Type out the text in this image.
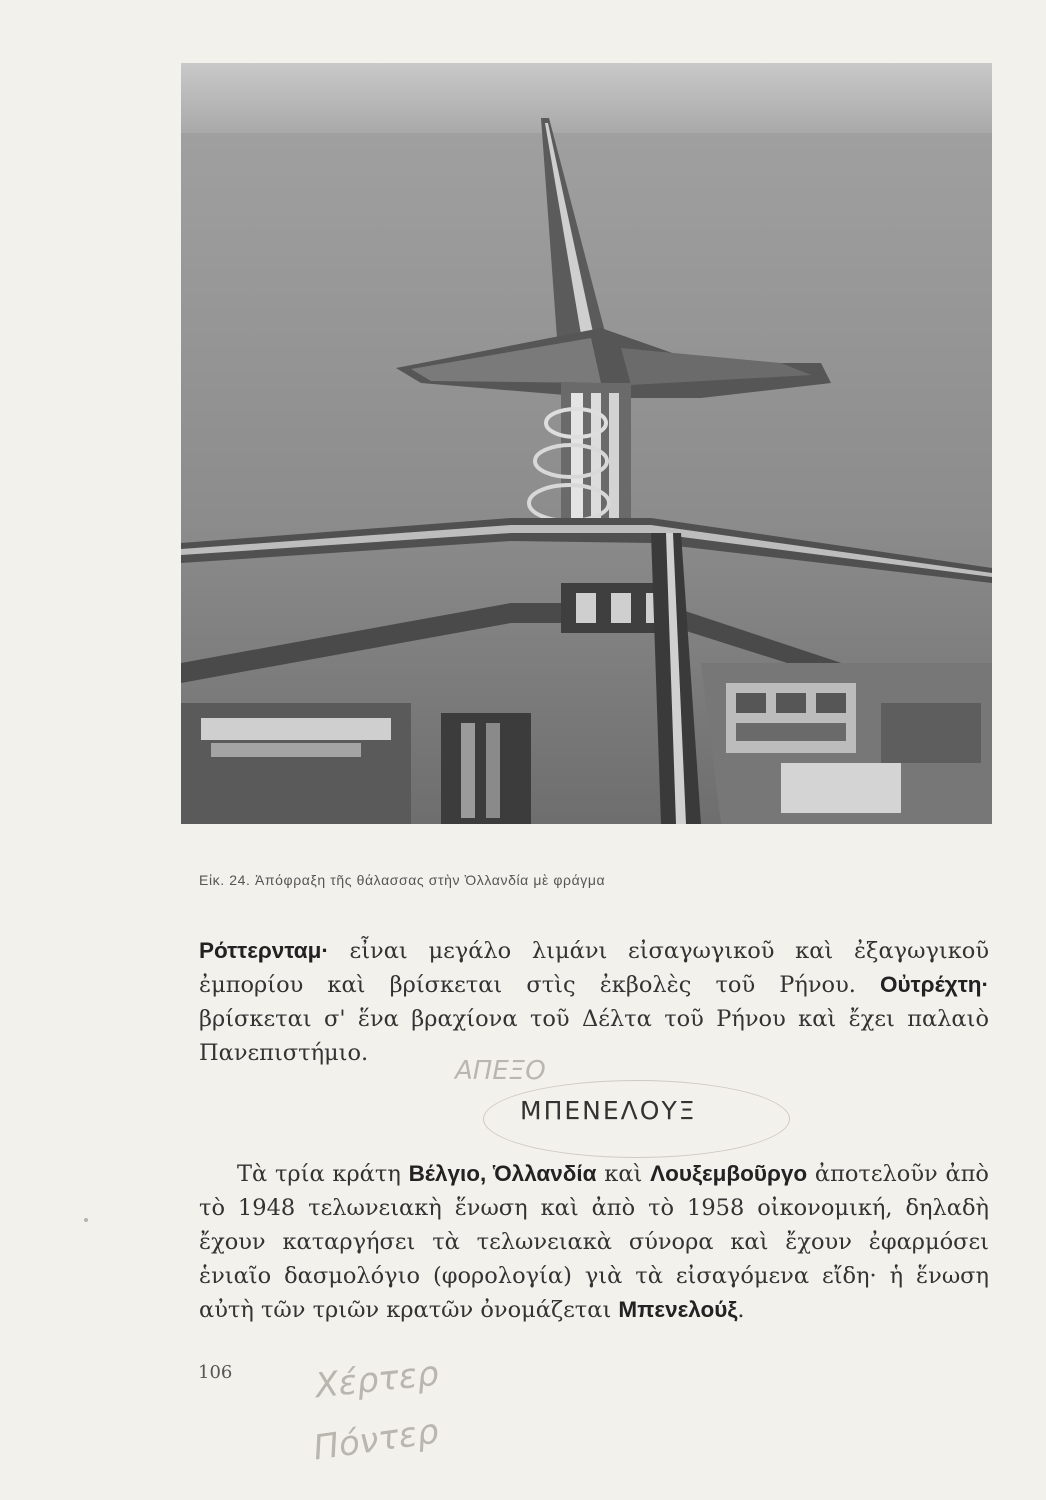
Εἰκ. 24. Ἀπόφραξη τῆς θάλασσας στὴν Ὁλλανδία μὲ φράγμα
Ρόττερνταμ· εἶναι μεγάλο λιμάνι εἰσαγωγικοῦ καὶ ἐξαγωγικοῦ ἐμπορίου καὶ βρίσκεται στὶς ἐκβολὲς τοῦ Ρήνου. Οὐτρέχτη· βρίσκεται σ' ἕνα βραχίονα τοῦ Δέλτα τοῦ Ρήνου καὶ ἔχει παλαιὸ Πανεπιστήμιο.
ΑΠΕΞΟ
ΜΠΕΝΕΛΟΥΞ
Τὰ τρία κράτη Βέλγιο, Ὁλλανδία καὶ Λουξεμβοῦργο ἀποτελοῦν ἀπὸ τὸ 1948 τελωνειακὴ ἕνωση καὶ ἀπὸ τὸ 1958 οἰκονομική, δηλαδὴ ἔχουν καταργήσει τὰ τελωνειακὰ σύνορα καὶ ἔχουν ἐφαρμόσει ἑνιαῖο δασμολόγιο (φορολογία) γιὰ τὰ εἰσαγόμενα εἴδη· ἡ ἕνωση αὐτὴ τῶν τριῶν κρατῶν ὀνομάζεται Μπενελούξ.
106 Χέρτερ
Πόντερ
